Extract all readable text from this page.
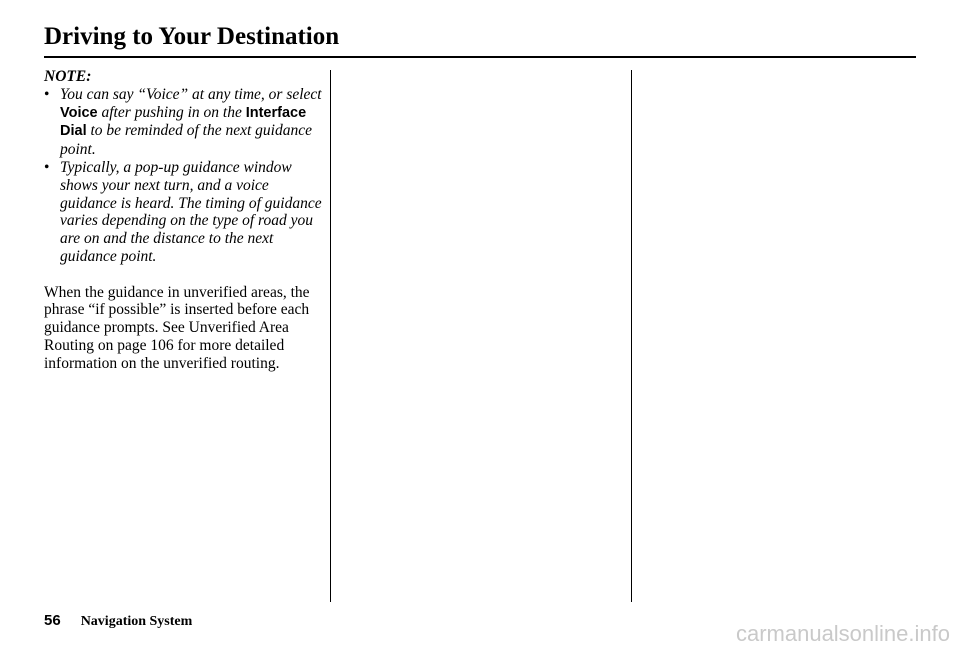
Driving to Your Destination
NOTE:
• You can say “Voice” at any time, or select Voice after pushing in on the Interface Dial to be reminded of the next guidance point.
• Typically, a pop-up guidance window shows your next turn, and a voice guidance is heard. The timing of guidance varies depending on the type of road you are on and the distance to the next guidance point.
When the guidance in unverified areas, the phrase “if possible” is inserted before each guidance prompts. See Unverified Area Routing on page 106 for more detailed information on the unverified routing.
56 Navigation System	carmanualsonline.info
